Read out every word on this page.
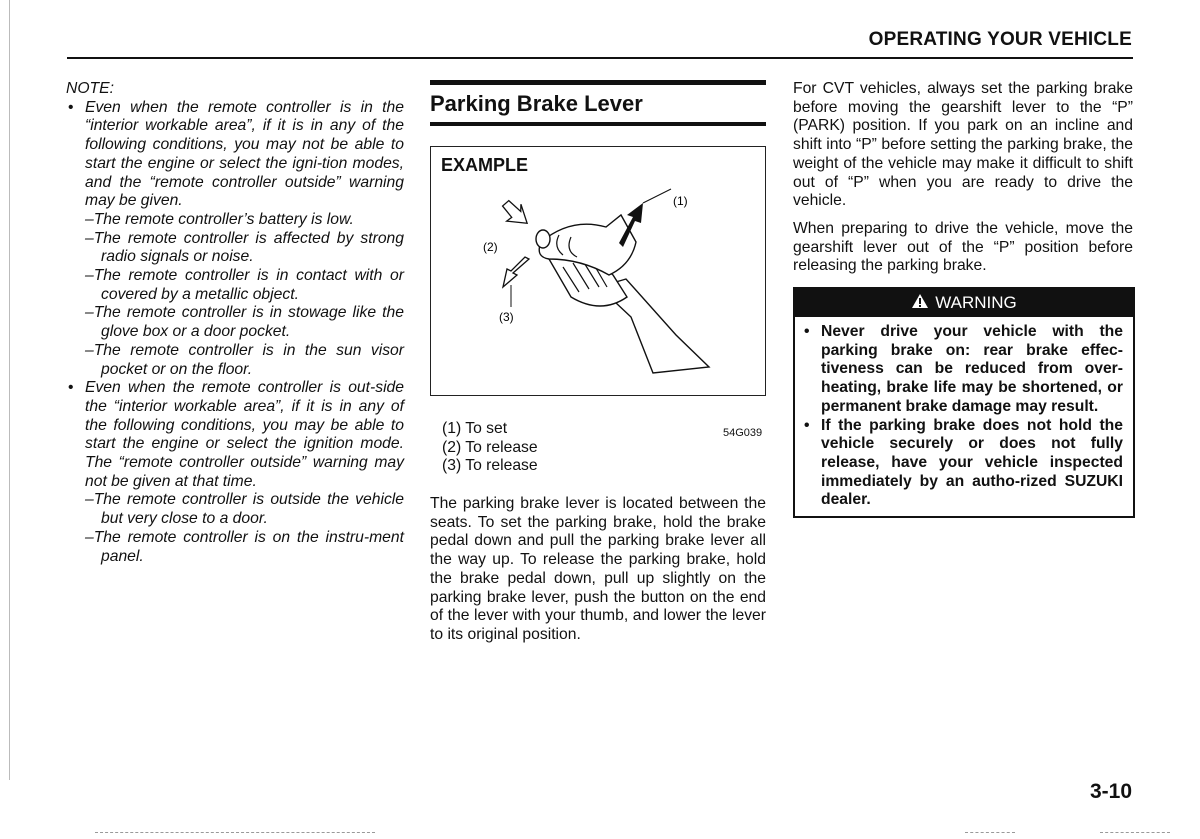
OPERATING YOUR VEHICLE

NOTE:

• Even when the remote controller is in the “interior workable area”, if it is in any of the following conditions, you may not be able to start the engine or select the igni-tion modes, and the “remote controller outside” warning may be given.
–The remote controller’s battery is low.
–The remote controller is affected by strong radio signals or noise.
–The remote controller is in contact with or covered by a metallic object.
–The remote controller is in stowage like the glove box or a door pocket.
–The remote controller is in the sun visor pocket or on the floor.
• Even when the remote controller is out-side the “interior workable area”, if it is in any of the following conditions, you may be able to start the engine or select the ignition mode. The “remote controller outside” warning may not be given at that time.
–The remote controller is outside the vehicle but very close to a door.
–The remote controller is on the instru-ment panel.
Parking Brake Lever
EXAMPLE
(1)
(2)
(3)
54G039
(1) To set
(2) To release
(3) To release
The parking brake lever is located between the seats. To set the parking brake, hold the brake pedal down and pull the parking brake lever all the way up. To release the parking brake, hold the brake pedal down, pull up slightly on the parking brake lever, push the button on the end of the lever with your thumb, and lower the lever to its original position.

For CVT vehicles, always set the parking brake before moving the gearshift lever to the “P” (PARK) position. If you park on an incline and shift into “P” before setting the parking brake, the weight of the vehicle may make it difficult to shift out of “P” when you are ready to drive the vehicle.

When preparing to drive the vehicle, move the gearshift lever out of the “P” position before releasing the parking brake.

WARNING
• Never drive your vehicle with the parking brake on: rear brake effec-tiveness can be reduced from over-heating, brake life may be shortened, or permanent brake damage may result.
• If the parking brake does not hold the vehicle securely or does not fully release, have your vehicle inspected immediately by an autho-rized SUZUKI dealer.
3-10
